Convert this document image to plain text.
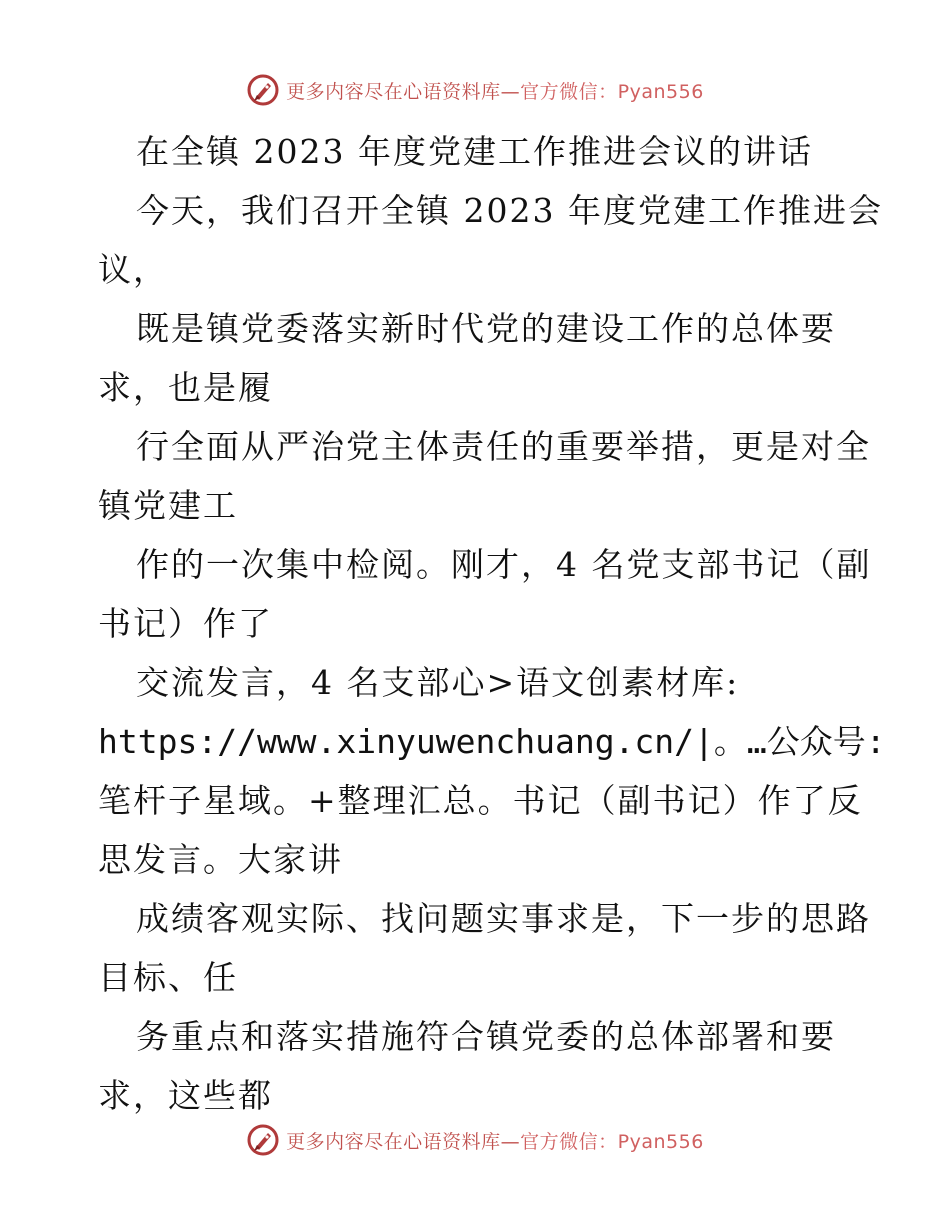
更多内容尽在心语资料库—官方微信：Pyan556
在全镇 2023 年度党建工作推进会议的讲话
今天，我们召开全镇 2023 年度党建工作推进会
议，
既是镇党委落实新时代党的建设工作的总体要
求，也是履
行全面从严治党主体责任的重要举措，更是对全
镇党建工
作的一次集中检阅。刚才，4 名党支部书记（副
书记）作了
交流发言，4 名支部心>语文创素材库:
https://www.xinyuwenchuang.cn/|。…公众号:
笔杆子星域。+整理汇总。书记（副书记）作了反
思发言。大家讲
成绩客观实际、找问题实事求是，下一步的思路
目标、任
务重点和落实措施符合镇党委的总体部署和要
求，这些都
更多内容尽在心语资料库—官方微信：Pyan556
